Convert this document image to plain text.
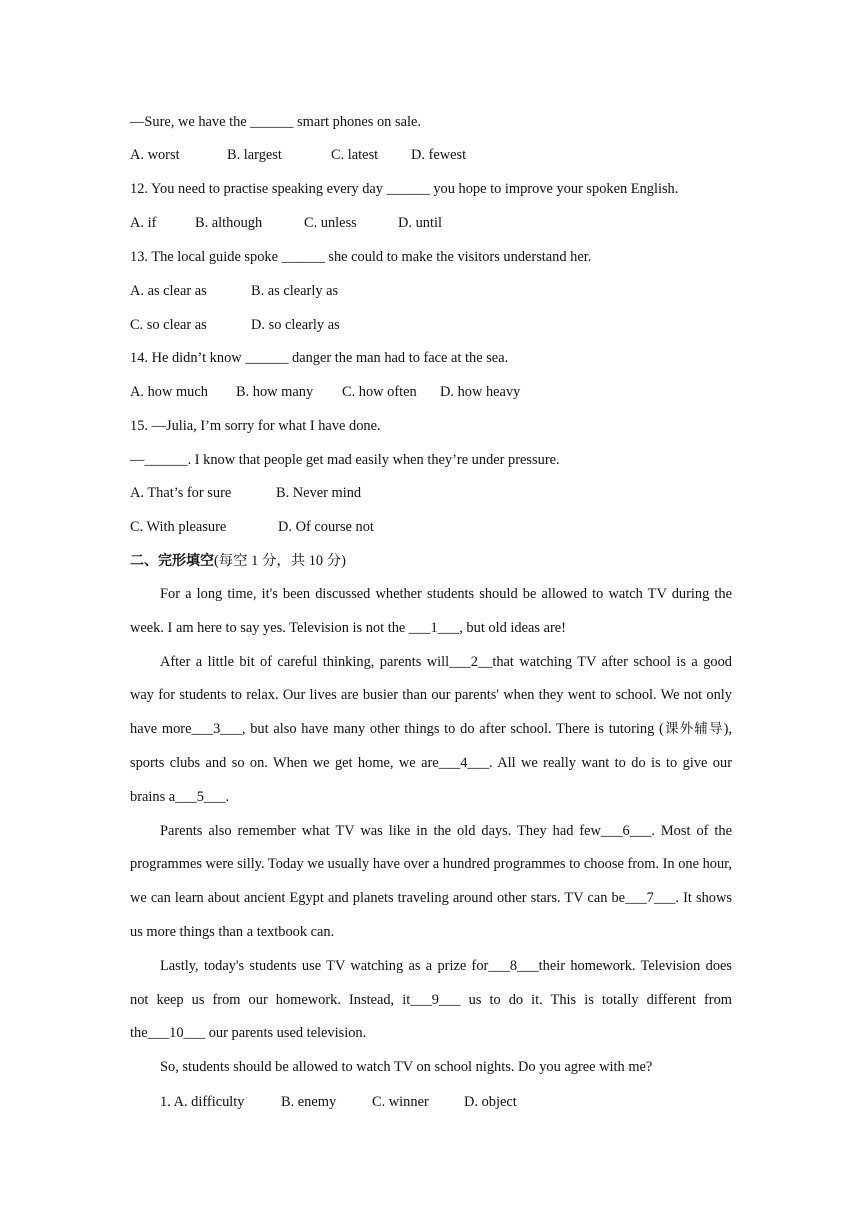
—Sure, we have the ______ smart phones on sale.
A. worst	B. largest	C. latest D. fewest
12. You need to practise speaking every day ______ you hope to improve your spoken English.
A. if	B. although	C. unless	D. until
13. The local guide spoke ______ she could to make the visitors understand her.
A. as clear as	B. as clearly as
C. so clear as	D. so clearly as
14. He didn’t know ______ danger the man had to face at the sea.
A. how much B. how many C. how often D. how heavy
15. —Julia, I’m sorry for what I have done.
—______. I know that people get mad easily when they’re under pressure.
A. That’s for sure	B. Never mind
C. With pleasure	D. Of course not
二、完形填空(每空 1 分，共 10 分)

For a long time, it's been discussed whether students should be allowed to watch TV during the week. I am here to say yes. Television is not the ___1___, but old ideas are!

After a little bit of careful thinking, parents will___2__that watching TV after school is a good way for students to relax. Our lives are busier than our parents' when they went to school. We not only have more___3___, but also have many other things to do after school. There is tutoring (课外辅导), sports clubs and so on. When we get home, we are___4___. All we really want to do is to give our brains a___5___.

Parents also remember what TV was like in the old days. They had few___6___. Most of the programmes were silly. Today we usually have over a hundred programmes to choose from. In one hour, we can learn about ancient Egypt and planets traveling around other stars. TV can be___7___. It shows us more things than a textbook can.

Lastly, today's students use TV watching as a prize for___8___their homework. Television does not keep us from our homework. Instead, it___9___ us to do it. This is totally different from the___10___ our parents used television.

So, students should be allowed to watch TV on school nights. Do you agree with me?

1. A. difficulty	B. enemy C. winner D. object
